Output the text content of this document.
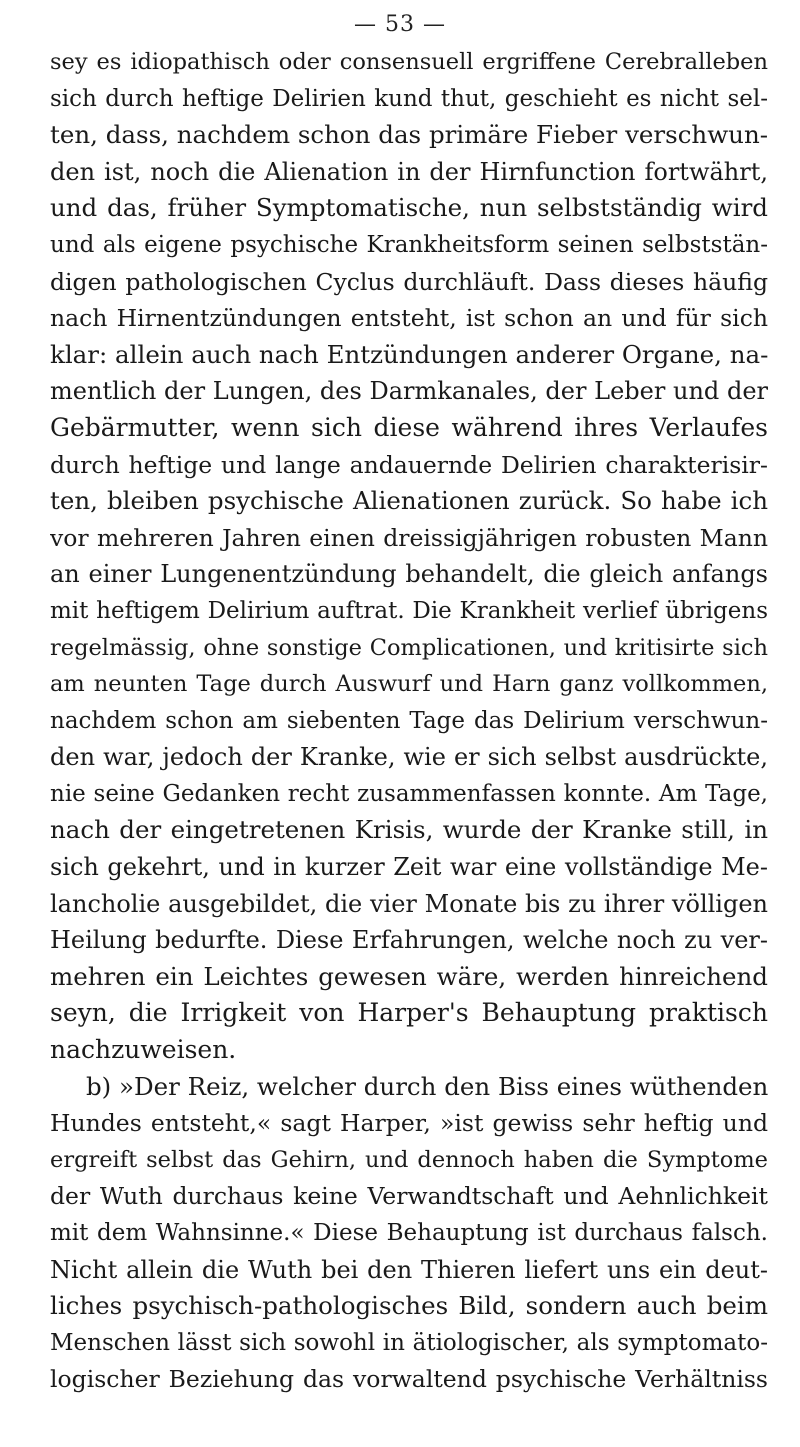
— 53 —
sey es idiopathisch oder consensuell ergriffene Cerebralleben
sich durch heftige Delirien kund thut, geschieht es nicht sel-
ten, dass, nachdem schon das primäre Fieber verschwun-
den ist, noch die Alienation in der Hirnfunction fortwährt,
und das, früher Symptomatische, nun selbstständig wird
und als eigene psychische Krankheitsform seinen selbststän-
digen pathologischen Cyclus durchläuft. Dass dieses häufig
nach Hirnentzündungen entsteht, ist schon an und für sich
klar: allein auch nach Entzündungen anderer Organe, na-
mentlich der Lungen, des Darmkanales, der Leber und der
Gebärmutter, wenn sich diese während ihres Verlaufes
durch heftige und lange andauernde Delirien charakterisir-
ten, bleiben psychische Alienationen zurück. So habe ich
vor mehreren Jahren einen dreissigjährigen robusten Mann
an einer Lungenentzündung behandelt, die gleich anfangs
mit heftigem Delirium auftrat. Die Krankheit verlief übrigens
regelmässig, ohne sonstige Complicationen, und kritisirte sich
am neunten Tage durch Auswurf und Harn ganz vollkommen,
nachdem schon am siebenten Tage das Delirium verschwun-
den war, jedoch der Kranke, wie er sich selbst ausdrückte,
nie seine Gedanken recht zusammenfassen konnte. Am Tage,
nach der eingetretenen Krisis, wurde der Kranke still, in
sich gekehrt, und in kurzer Zeit war eine vollständige Me-
lancholie ausgebildet, die vier Monate bis zu ihrer völligen
Heilung bedurfte. Diese Erfahrungen, welche noch zu ver-
mehren ein Leichtes gewesen wäre, werden hinreichend
seyn, die Irrigkeit von Harper's Behauptung praktisch
nachzuweisen.
b) »Der Reiz, welcher durch den Biss eines wüthenden
Hundes entsteht,« sagt Harper, »ist gewiss sehr heftig und
ergreift selbst das Gehirn, und dennoch haben die Symptome
der Wuth durchaus keine Verwandtschaft und Aehnlichkeit
mit dem Wahnsinne.« Diese Behauptung ist durchaus falsch.
Nicht allein die Wuth bei den Thieren liefert uns ein deut-
liches psychisch-pathologisches Bild, sondern auch beim
Menschen lässt sich sowohl in ätiologischer, als symptomato-
logischer Beziehung das vorwaltend psychische Verhältniss
